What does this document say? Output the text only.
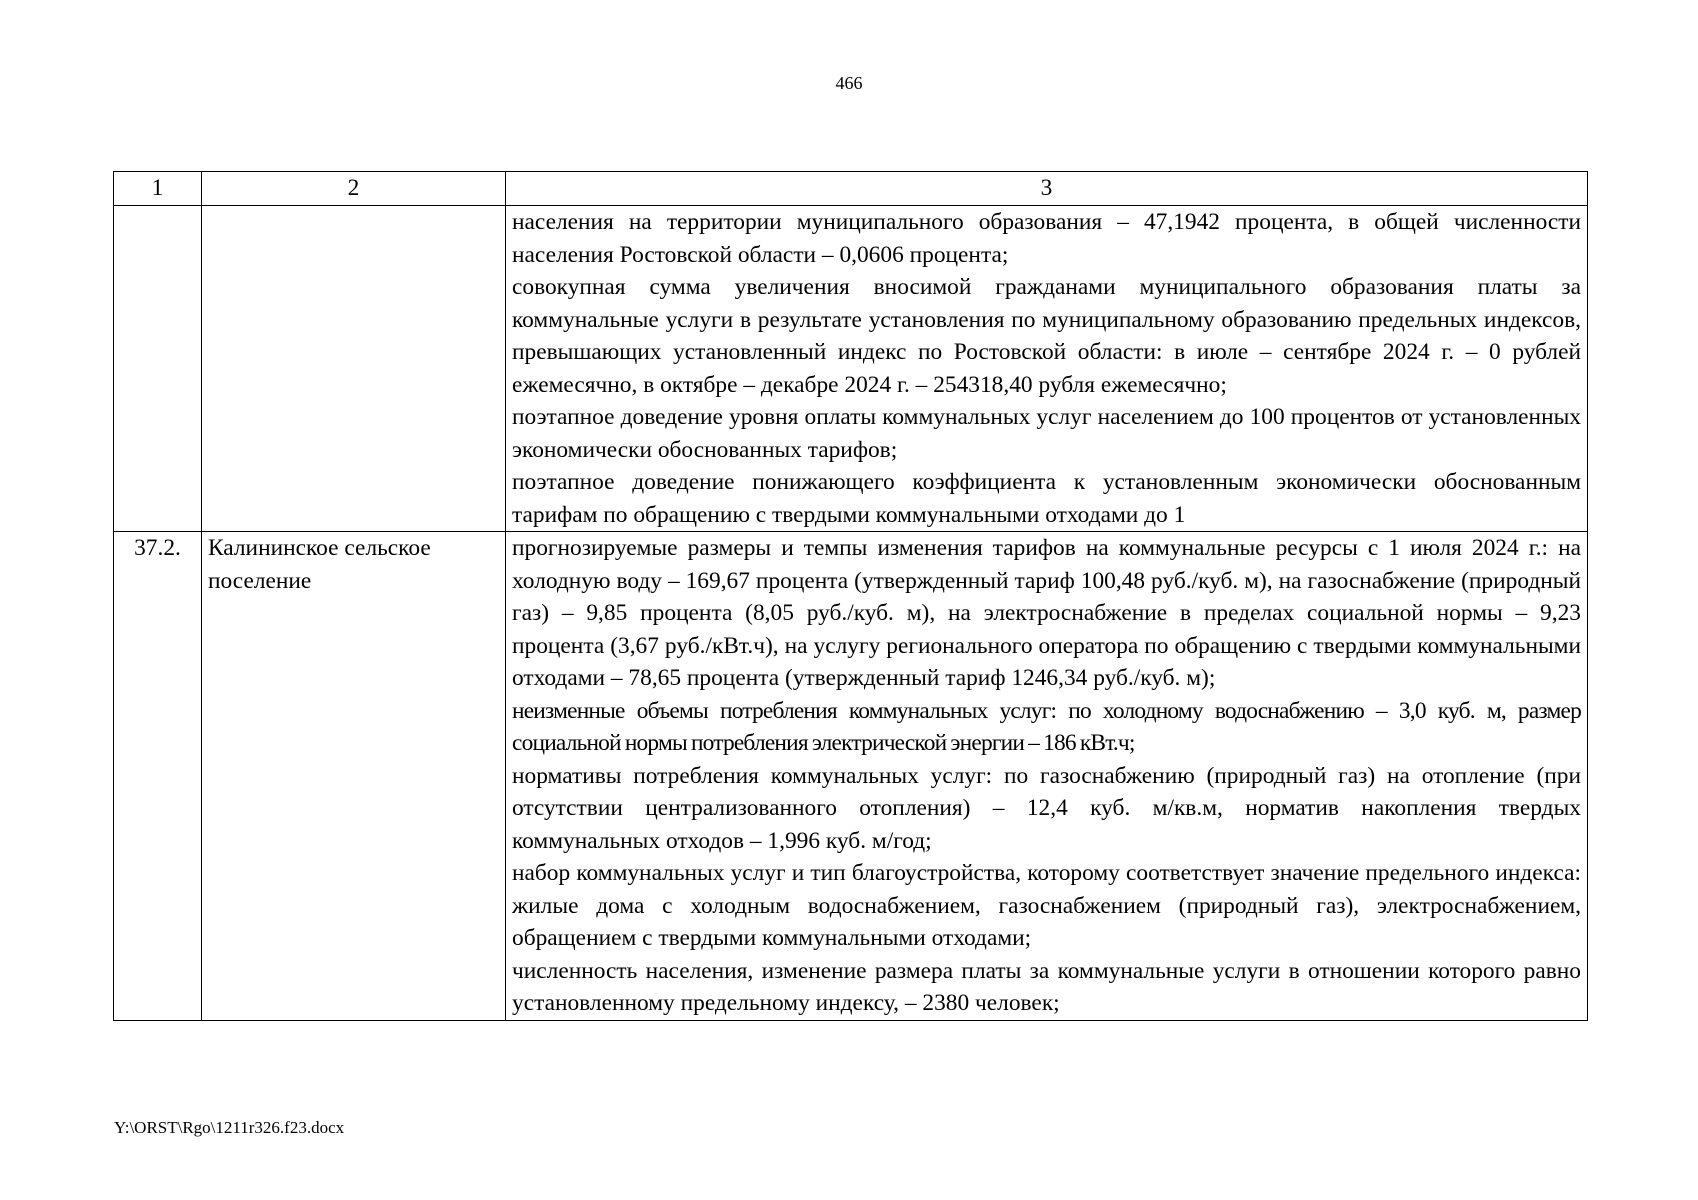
466
1	2	3

		населения на территории муниципального образования – 47,1942 процента, в общей численности населения Ростовской области – 0,0606 процента;

совокупная сумма увеличения вносимой гражданами муниципального образования платы за коммунальные услуги в результате установления по муниципальному образованию предельных индексов, превышающих установленный индекс по Ростовской области: в июле – сентябре 2024 г. – 0 рублей ежемесячно, в октябре – декабре 2024 г. – 254318,40 рубля ежемесячно;

поэтапное доведение уровня оплаты коммунальных услуг населением до 100 процентов от установленных экономически обоснованных тарифов;

поэтапное доведение понижающего коэффициента к установленным экономически обоснованным тарифам по обращению с твердыми коммунальными отходами до 1

37.2.	Калининское сельское поселение	прогнозируемые размеры и темпы изменения тарифов на коммунальные ресурсы с 1 июля 2024 г.: на холодную воду – 169,67 процента (утвержденный тариф 100,48 руб./куб. м), на газоснабжение (природный газ) – 9,85 процента (8,05 руб./куб. м), на электроснабжение в пределах социальной нормы – 9,23 процента (3,67 руб./кВт.ч), на услугу регионального оператора по обращению с твердыми коммунальными отходами – 78,65 процента (утвержденный тариф 1246,34 руб./куб. м);

неизменные объемы потребления коммунальных услуг: по холодному водоснабжению – 3,0 куб. м, размер социальной нормы потребления электрической энергии – 186 кВт.ч;

нормативы потребления коммунальных услуг: по газоснабжению (природный газ) на отопление (при отсутствии централизованного отопления) – 12,4 куб. м/кв.м, норматив накопления твердых коммунальных отходов – 1,996 куб. м/год;

набор коммунальных услуг и тип благоустройства, которому соответствует значение предельного индекса: жилые дома с холодным водоснабжением, газоснабжением (природный газ), электроснабжением, обращением с твердыми коммунальными отходами;

численность населения, изменение размера платы за коммунальные услуги в отношении которого равно установленному предельному индексу, – 2380 человек;

Y:\ORST\Rgo\1211r326.f23.docx
